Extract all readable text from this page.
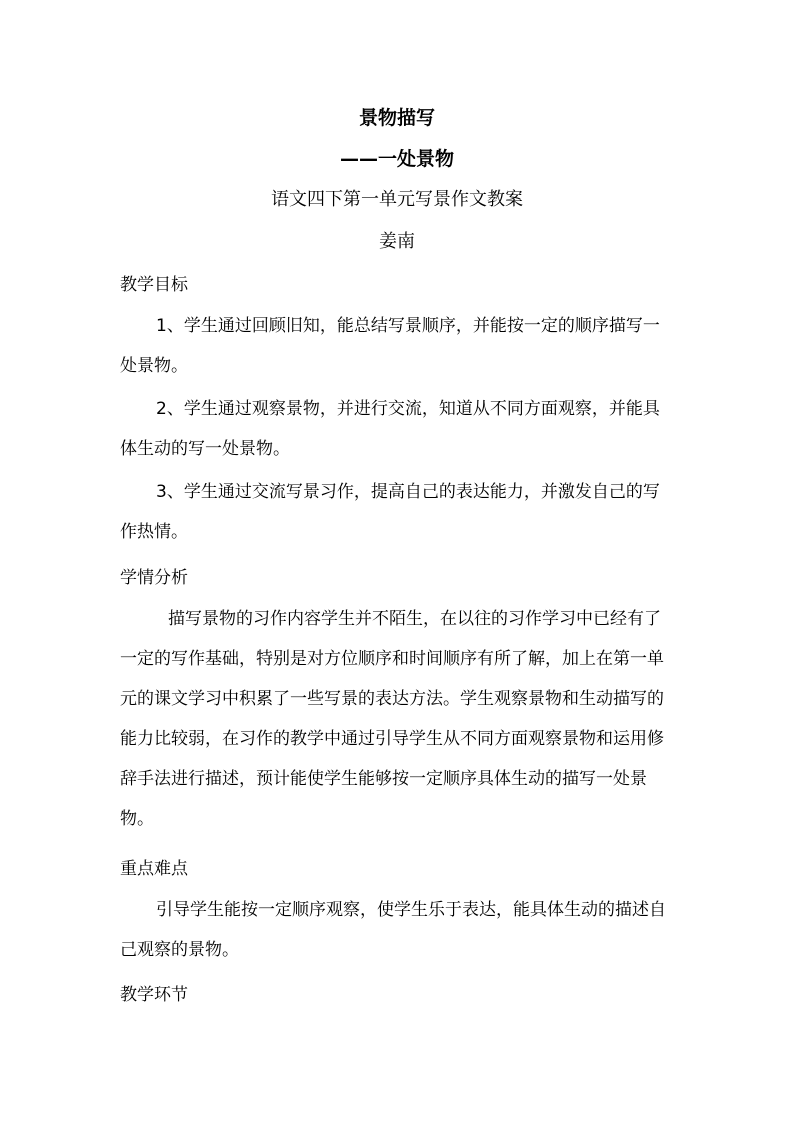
景物描写
——一处景物
语文四下第一单元写景作文教案
姜南
教学目标

1、学生通过回顾旧知，能总结写景顺序，并能按一定的顺序描写一处景物。

2、学生通过观察景物，并进行交流，知道从不同方面观察，并能具体生动的写一处景物。

3、学生通过交流写景习作，提高自己的表达能力，并激发自己的写作热情。

学情分析

描写景物的习作内容学生并不陌生，在以往的习作学习中已经有了一定的写作基础，特别是对方位顺序和时间顺序有所了解，加上在第一单元的课文学习中积累了一些写景的表达方法。学生观察景物和生动描写的能力比较弱，在习作的教学中通过引导学生从不同方面观察景物和运用修辞手法进行描述，预计能使学生能够按一定顺序具体生动的描写一处景物。

重点难点

引导学生能按一定顺序观察，使学生乐于表达，能具体生动的描述自己观察的景物。

教学环节
